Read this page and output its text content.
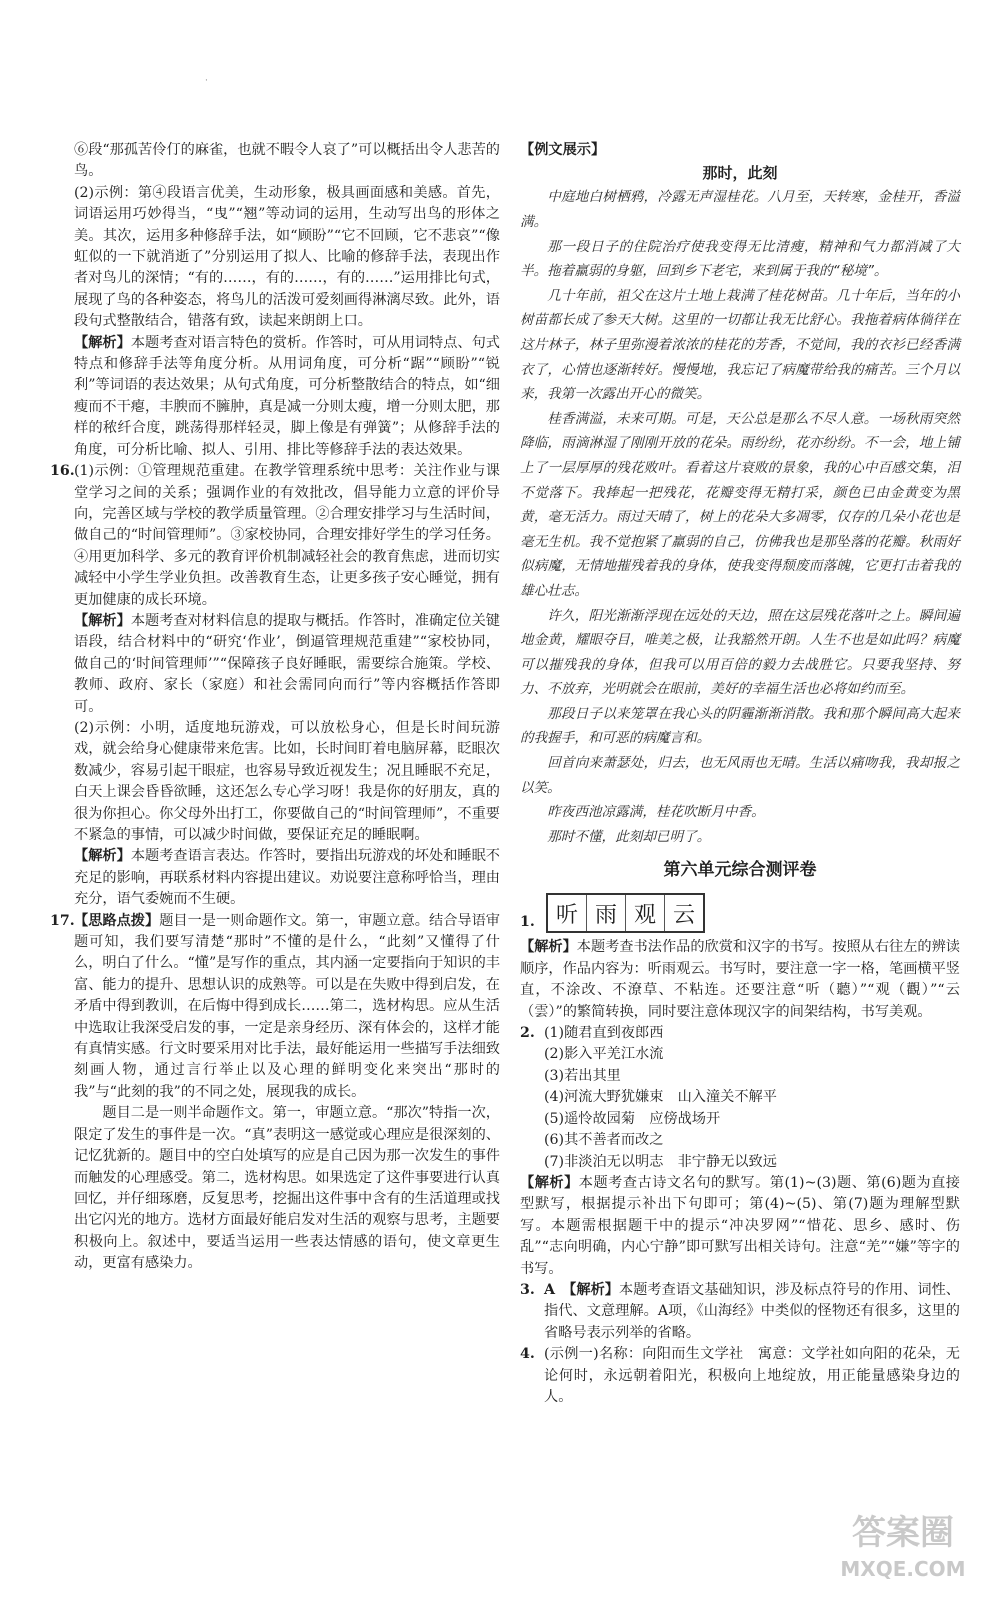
·

⑥段“那孤苦伶仃的麻雀，也就不暇令人哀了”可以概括出令人悲苦的鸟。

(2)示例：第④段语言优美，生动形象，极具画面感和美感。首先，词语运用巧妙得当，“曳”“翘”等动词的运用，生动写出鸟的形体之美。其次，运用多种修辞手法，如“顾盼”“它不回顾，它不悲哀”“像虹似的一下就消逝了”分别运用了拟人、比喻的修辞手法，表现出作者对鸟儿的深情；“有的……，有的……，有的……”运用排比句式，展现了鸟的各种姿态，将鸟儿的活泼可爱刻画得淋漓尽致。此外，语段句式整散结合，错落有致，读起来朗朗上口。

【解析】本题考查对语言特色的赏析。作答时，可从用词特点、句式特点和修辞手法等角度分析。从用词角度，可分析“踞”“顾盼”“锐利”等词语的表达效果；从句式角度，可分析整散结合的特点，如“细瘦而不干瘪，丰腴而不臃肿，真是减一分则太瘦，增一分则太肥，那样的秾纤合度，跳荡得那样轻灵，脚上像是有弹簧”；从修辞手法的角度，可分析比喻、拟人、引用、排比等修辞手法的表达效果。

16. (1)示例：①管理规范重建。在教学管理系统中思考：关注作业与课堂学习之间的关系；强调作业的有效批改，倡导能力立意的评价导向，完善区域与学校的教学质量管理。②合理安排学习与生活时间，做自己的“时间管理师”。③家校协同，合理安排好学生的学习任务。④用更加科学、多元的教育评价机制减轻社会的教育焦虑，进而切实减轻中小学生学业负担。改善教育生态，让更多孩子安心睡觉，拥有更加健康的成长环境。

【解析】本题考查对材料信息的提取与概括。作答时，准确定位关键语段，结合材料中的“研究‘作业’，倒逼管理规范重建”“家校协同，做自己的‘时间管理师’”“保障孩子良好睡眠，需要综合施策。学校、教师、政府、家长（家庭）和社会需同向而行”等内容概括作答即可。

(2)示例：小明，适度地玩游戏，可以放松身心，但是长时间玩游戏，就会给身心健康带来危害。比如，长时间盯着电脑屏幕，眨眼次数减少，容易引起干眼症，也容易导致近视发生；况且睡眠不充足，白天上课会昏昏欲睡，这还怎么专心学习呀！我是你的好朋友，真的很为你担心。你父母外出打工，你要做自己的“时间管理师”，不重要不紧急的事情，可以减少时间做，要保证充足的睡眠啊。

【解析】本题考查语言表达。作答时，要指出玩游戏的坏处和睡眠不充足的影响，再联系材料内容提出建议。劝说要注意称呼恰当，理由充分，语气委婉而不生硬。

17. 【思路点拨】题目一是一则命题作文。第一，审题立意。结合导语审题可知，我们要写清楚“那时”不懂的是什么，“此刻”又懂得了什么，明白了什么。“懂”是写作的重点，其内涵一定要指向于知识的丰富、能力的提升、思想认识的成熟等。可以是在失败中得到启发，在矛盾中得到教训，在后悔中得到成长……第二，选材构思。应从生活中选取让我深受启发的事，一定是亲身经历、深有体会的，这样才能有真情实感。行文时要采用对比手法，最好能运用一些描写手法细致刻画人物，通过言行举止以及心理的鲜明变化来突出“那时的我”与“此刻的我”的不同之处，展现我的成长。

题目二是一则半命题作文。第一，审题立意。“那次”特指一次，限定了发生的事件是一次。“真”表明这一感觉或心理应是很深刻的、记忆犹新的。题目中的空白处填写的应是自己因为那一次发生的事件而触发的心理感受。第二，选材构思。如果选定了这件事要进行认真回忆，并仔细琢磨，反复思考，挖掘出这件事中含有的生活道理或找出它闪光的地方。选材方面最好能启发对生活的观察与思考，主题要积极向上。叙述中，要适当运用一些表达情感的语句，使文章更生动，更富有感染力。

【例文展示】

那时，此刻

中庭地白树栖鸦，冷露无声湿桂花。八月至，天转寒，金桂开，香溢满。

那一段日子的住院治疗使我变得无比清瘦，精神和气力都消减了大半。拖着羸弱的身躯，回到乡下老宅，来到属于我的“秘境”。

几十年前，祖父在这片土地上栽满了桂花树苗。几十年后，当年的小树苗都长成了参天大树。这里的一切都让我无比舒心。我拖着病体徜徉在这片林子，林子里弥漫着浓浓的桂花的芳香，不觉间，我的衣衫已经香满衣了，心情也逐渐转好。慢慢地，我忘记了病魔带给我的痛苦。三个月以来，我第一次露出开心的微笑。

桂香满溢，未来可期。可是，天公总是那么不尽人意。一场秋雨突然降临，雨滴淋湿了刚刚开放的花朵。雨纷纷，花亦纷纷。不一会，地上铺上了一层厚厚的残花败叶。看着这片衰败的景象，我的心中百感交集，泪不觉落下。我捧起一把残花，花瓣变得无精打采，颜色已由金黄变为黑黄，毫无活力。雨过天晴了，树上的花朵大多凋零，仅存的几朵小花也是毫无生机。我不觉抱紧了羸弱的自己，仿佛我也是那坠落的花瓣。秋雨好似病魔，无情地摧残着我的身体，使我变得颓废而落魄，它更打击着我的雄心壮志。

许久，阳光渐渐浮现在远处的天边，照在这层残花落叶之上。瞬间遍地金黄，耀眼夺目，唯美之极，让我豁然开朗。人生不也是如此吗？病魔可以摧残我的身体，但我可以用百倍的毅力去战胜它。只要我坚持、努力、不放弃，光明就会在眼前，美好的幸福生活也必将如约而至。

那段日子以来笼罩在我心头的阴霾渐渐消散。我和那个瞬间高大起来的我握手，和可恶的病魔言和。

回首向来萧瑟处，归去，也无风雨也无晴。生活以痛吻我，我却报之以笑。

昨夜西池凉露满，桂花吹断月中香。

那时不懂，此刻却已明了。

第六单元综合测评卷

1. 听 雨 观 云

【解析】本题考查书法作品的欣赏和汉字的书写。按照从右往左的辨读顺序，作品内容为：听雨观云。书写时，要注意一字一格，笔画横平竖直，不涂改、不潦草、不粘连。还要注意“听（聽）”“观（觀）”“云（雲）”的繁简转换，同时要注意体现汉字的间架结构，书写美观。

2. (1)随君直到夜郎西

(2)影入平羌江水流

(3)若出其里

(4)河流大野犹嫌束　山入潼关不解平

(5)遥怜故园菊　应傍战场开

(6)其不善者而改之

(7)非淡泊无以明志　非宁静无以致远

【解析】本题考查古诗文名句的默写。第(1)~(3)题、第(6)题为直接型默写，根据提示补出下句即可；第(4)~(5)、第(7)题为理解型默写。本题需根据题干中的提示“冲决罗网”“惜花、思乡、感时、伤乱”“志向明确，内心宁静”即可默写出相关诗句。注意“羌”“嫌”等字的书写。

3. A　 【解析】本题考查语文基础知识，涉及标点符号的作用、词性、指代、文意理解。A项，《山海经》中类似的怪物还有很多，这里的省略号表示列举的省略。

4. (示例一)名称：向阳而生文学社　寓意：文学社如向阳的花朵，无论何时，永远朝着阳光，积极向上地绽放，用正能量感染身边的人。

答案圈
MXQE.COM
